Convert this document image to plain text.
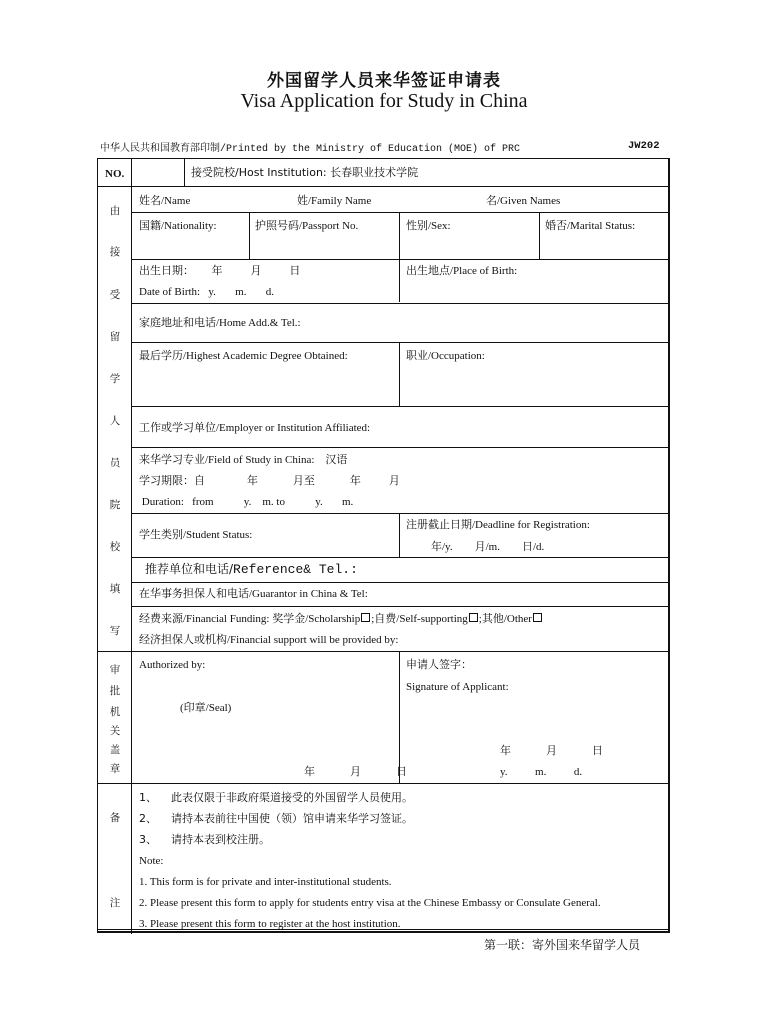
外国留学人员来华签证申请表
Visa Application for Study in China
中华人民共和国教育部印制/Printed by the Ministry of Education (MOE) of PRC	JW202
NO.	接受院校/Host Institution: 长春职业技术学院
由
接
受
留
学
人
员
院
校
填
写
姓名/Name	姓/Family Name	名/Given Names
国籍/Nationality:	护照号码/Passport No.	性别/Sex:	婚否/Marital Status:
出生日期：     年        月        日
Date of Birth:   y.       m.       d.
出生地点/Place of Birth:
家庭地址和电话/Home Add.& Tel.:
最后学历/Highest Academic Degree Obtained:	职业/Occupation:
工作或学习单位/Employer or Institution Affiliated:
来华学习专业/Field of Study in China:    汉语
学习期限：自            年          月至          年        月
Duration:   from           y.    m. to           y.       m.
学生类别/Student Status:
注册截止日期/Deadline for Registration:
年/y.        月/m.        日/d.
推荐单位和电话/Reference& Tel.:
在华事务担保人和电话/Guarantor in China & Tel:
经费来源/Financial Funding: 奖学金/Scholarship ;自费/Self-supporting ;其他/Other
经济担保人或机构/Financial support will be provided by:
审
批
机
关
盖
章
Authorized by:
(印章/Seal)
年          月          日
申请人签字：
Signature of Applicant:
年          月          日
y.          m.          d.
备
注
1、    此表仅限于非政府渠道接受的外国留学人员使用。
2、    请持本表前往中国使（领）馆申请来华学习签证。
3、    请持本表到校注册。
Note:
1. This form is for private and inter-institutional students.
2. Please present this form to apply for students entry visa at the Chinese Embassy or Consulate General.
3. Please present this form to register at the host institution.
第一联：寄外国来华留学人员
